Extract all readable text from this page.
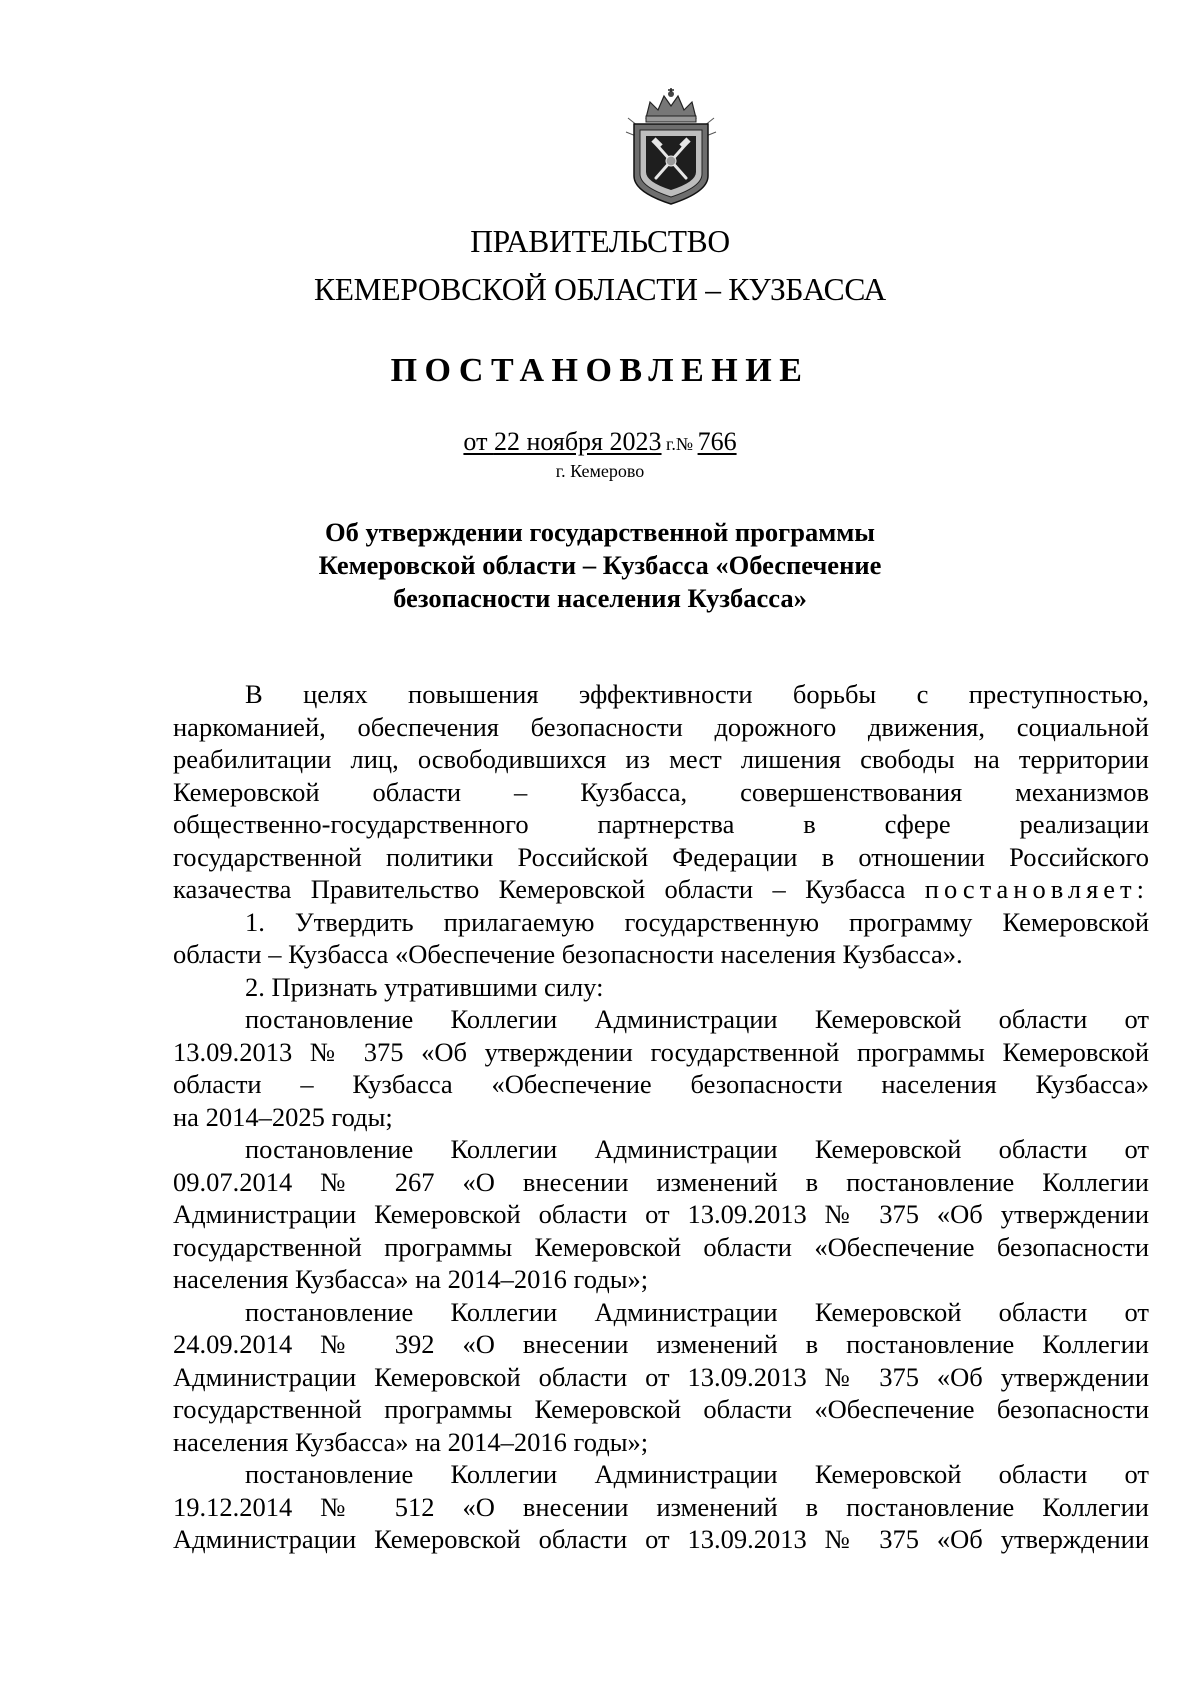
ПРАВИТЕЛЬСТВО
КЕМЕРОВСКОЙ ОБЛАСТИ – КУЗБАССА
ПОСТАНОВЛЕНИЕ
от 22 ноября 2023 г.№ 766
г. Кемерово
Об утверждении государственной программы
Кемеровской области – Кузбасса «Обеспечение
безопасности населения Кузбасса»

В целях повышения эффективности борьбы с преступностью,
наркоманией, обеспечения безопасности дорожного движения, социальной
реабилитации лиц, освободившихся из мест лишения свободы на территории
Кемеровской области – Кузбасса, совершенствования механизмов
общественно-государственного партнерства в сфере реализации
государственной политики Российской Федерации в отношении Российского
казачества Правительство Кемеровской области – Кузбасса постановляет:

1. Утвердить прилагаемую государственную программу Кемеровской
области – Кузбасса «Обеспечение безопасности населения Кузбасса».

2. Признать утратившими силу:

постановление Коллегии Администрации Кемеровской области от
13.09.2013 № 375 «Об утверждении государственной программы Кемеровской
области – Кузбасса «Обеспечение безопасности населения Кузбасса»
на 2014–2025 годы;

постановление Коллегии Администрации Кемеровской области от
09.07.2014 № 267 «О внесении изменений в постановление Коллегии
Администрации Кемеровской области от 13.09.2013 № 375 «Об утверждении
государственной программы Кемеровской области «Обеспечение безопасности
населения Кузбасса» на 2014–2016 годы»;

постановление Коллегии Администрации Кемеровской области от
24.09.2014 № 392 «О внесении изменений в постановление Коллегии
Администрации Кемеровской области от 13.09.2013 № 375 «Об утверждении
государственной программы Кемеровской области «Обеспечение безопасности
населения Кузбасса» на 2014–2016 годы»;

постановление Коллегии Администрации Кемеровской области от
19.12.2014 № 512 «О внесении изменений в постановление Коллегии
Администрации Кемеровской области от 13.09.2013 № 375 «Об утверждении
